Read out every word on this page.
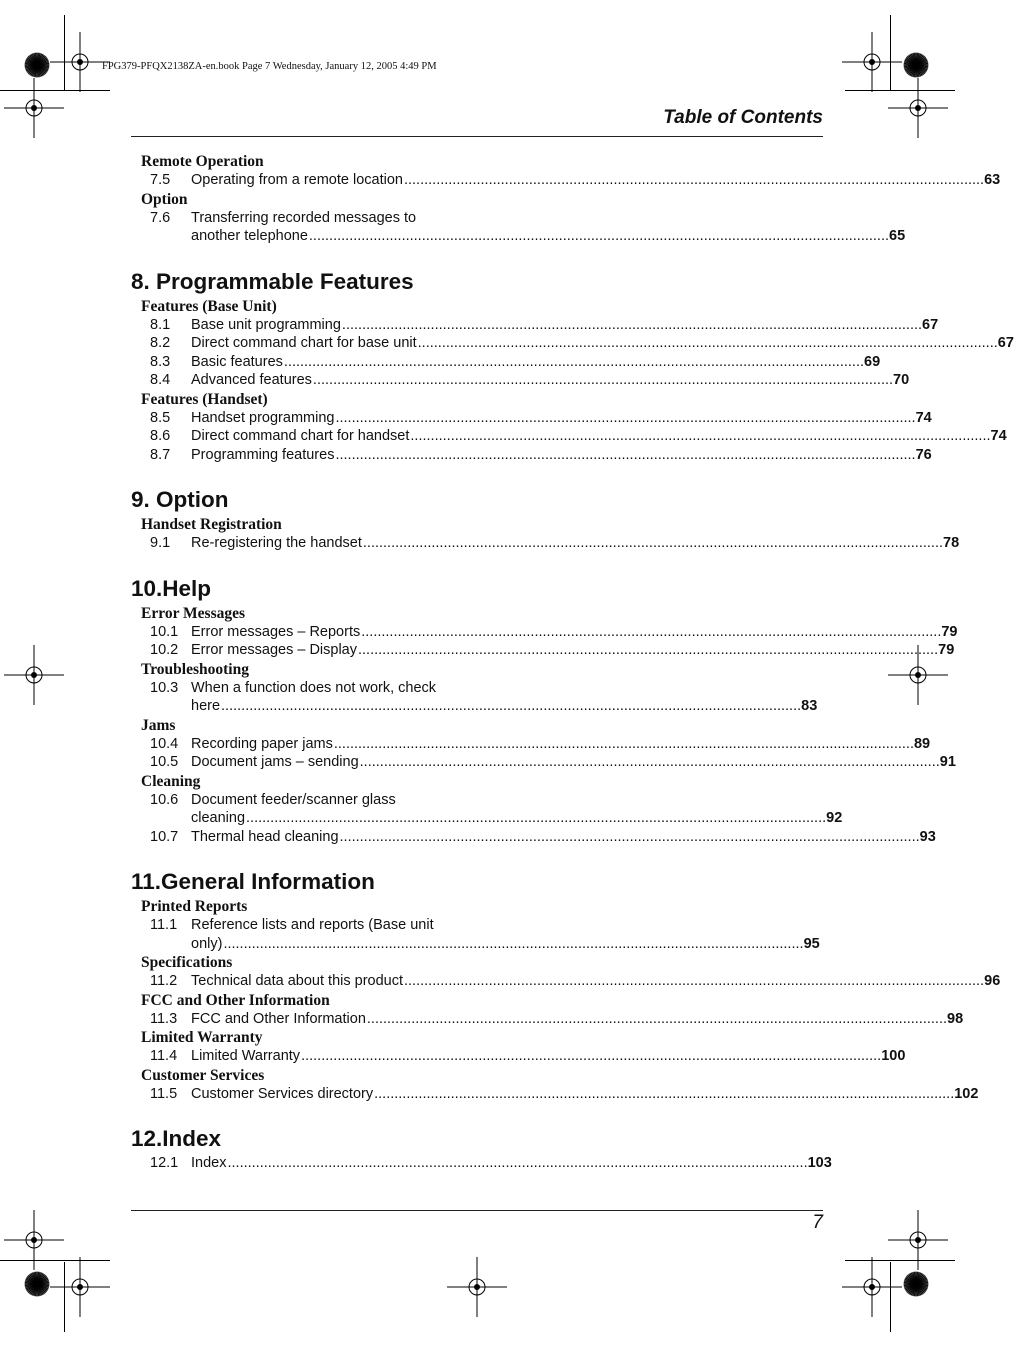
FPG379-PFQX2138ZA-en.book Page 7 Wednesday, January 12, 2005 4:49 PM
Table of Contents
Remote Operation
7.5	Operating from a remote location .....	63
Option
7.6	Transferring recorded messages to
another telephone .....	65
8. Programmable Features
Features (Base Unit)
8.1	Base unit programming .....	67
8.2	Direct command chart for base unit .....	67
8.3	Basic features .....	69
8.4	Advanced features .....	70
Features (Handset)
8.5	Handset programming .....	74
8.6	Direct command chart for handset .....	74
8.7	Programming features .....	76
9. Option
Handset Registration
9.1	Re-registering the handset .....	78
10.Help
Error Messages
10.1 Error messages – Reports .....	79
10.2 Error messages – Display .....	79
Troubleshooting
10.3 When a function does not work, check
here .....	83
Jams
10.4 Recording paper jams .....	89
10.5 Document jams – sending .....	91
Cleaning
10.6 Document feeder/scanner glass
cleaning .....	92
10.7 Thermal head cleaning .....	93
11.General Information
Printed Reports
11.1 Reference lists and reports (Base unit
only) .....	95
Specifications
11.2 Technical data about this product .....	96
FCC and Other Information
11.3 FCC and Other Information .....	98
Limited Warranty
11.4 Limited Warranty .....	100
Customer Services
11.5 Customer Services directory .....	102
12.Index
12.1 Index .....	103
7
